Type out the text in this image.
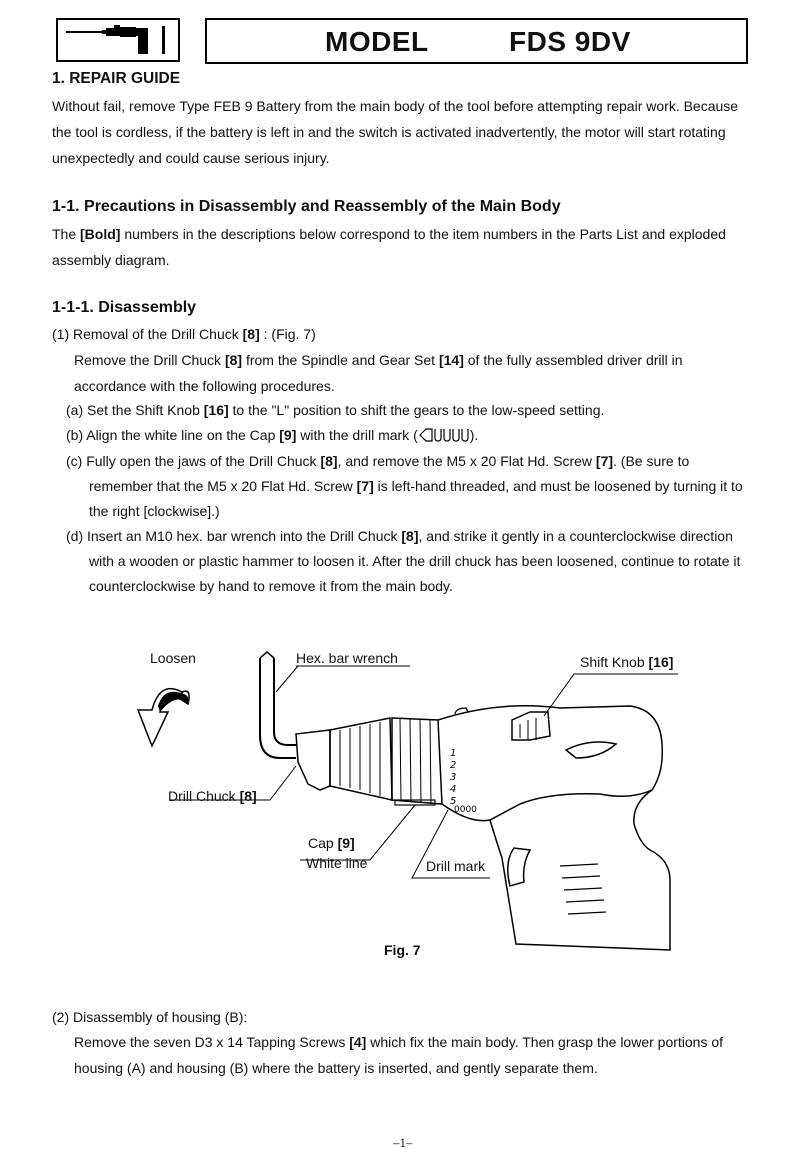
MODEL	FDS 9DV
1. REPAIR GUIDE
Without fail, remove Type FEB 9 Battery from the main body of the tool before attempting repair work. Because
the tool is cordless, if the battery is left in and the switch is activated inadvertently, the motor will start rotating
unexpectedly and could cause serious injury.
1-1. Precautions in Disassembly and Reassembly of the Main Body
The [Bold] numbers in the descriptions below correspond to the item numbers in the Parts List and exploded
assembly diagram.
1-1-1. Disassembly
(1) Removal of the Drill Chuck [8] : (Fig. 7)
Remove the Drill Chuck [8] from the Spindle and Gear Set [14] of the fully assembled driver drill in
accordance with the following procedures.
(a) Set the Shift Knob [16] to the "L" position to shift the gears to the low-speed setting.
(b) Align the white line on the Cap [9] with the drill mark (	).
(c) Fully open the jaws of the Drill Chuck [8], and remove the M5 x 20 Flat Hd. Screw [7]. (Be sure to
remember that the M5 x 20 Flat Hd. Screw [7] is left-hand threaded, and must be loosened by turning it to
the right [clockwise].)
(d) Insert an M10 hex. bar wrench into the Drill Chuck [8], and strike it gently in a counterclockwise direction
with a wooden or plastic hammer to loosen it. After the drill chuck has been loosened, continue to rotate it
counterclockwise by hand to remove it from the main body.
1
2
3
4
5
0000
Loosen	Hex. bar wrench	Shift Knob [16]
Drill Chuck [8]
Cap [9]
White line	Drill mark
Fig. 7
(2) Disassembly of housing (B):
Remove the seven D3 x 14 Tapping Screws [4] which fix the main body. Then grasp the lower portions of
housing (A) and housing (B) where the battery is inserted, and gently separate them.
–1–
